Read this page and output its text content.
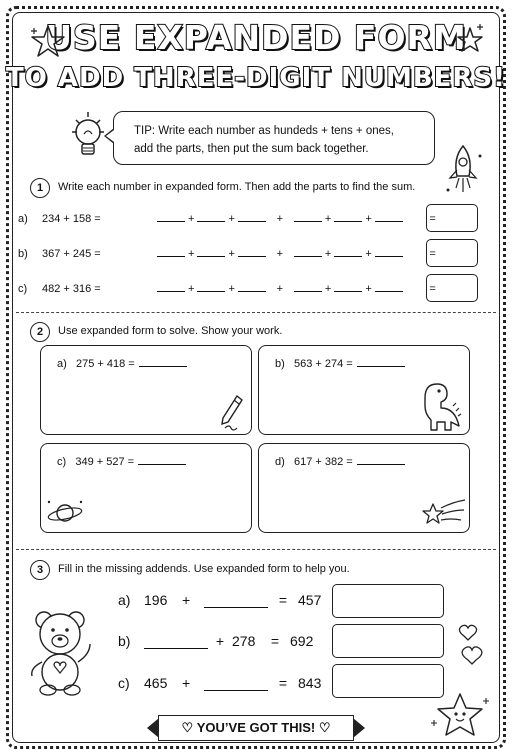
USE EXPANDED FORM
TO ADD THREE-DIGIT NUMBERS!
TIP: Write each number as hundeds + tens + ones,
add the parts, then put the sum back together.
1	Write each number in expanded form. Then add the parts to find the sum.
a) 234 + 158 =	+	+	+	+	+	=
b) 367 + 245 =	+	+	+	+	+	=
c) 482 + 316 =	+	+	+	+	+	=
2	Use expanded form to solve. Show your work.
a) 275 + 418 =	b) 563 + 274 =
c) 349 + 527 =	d) 617 + 382 =
3	Fill in the missing addends. Use expanded form to help you.
a) 196 +	= 457
b)	+ 278 = 692
c) 465 +	= 843
♡ YOU’VE GOT THIS! ♡
